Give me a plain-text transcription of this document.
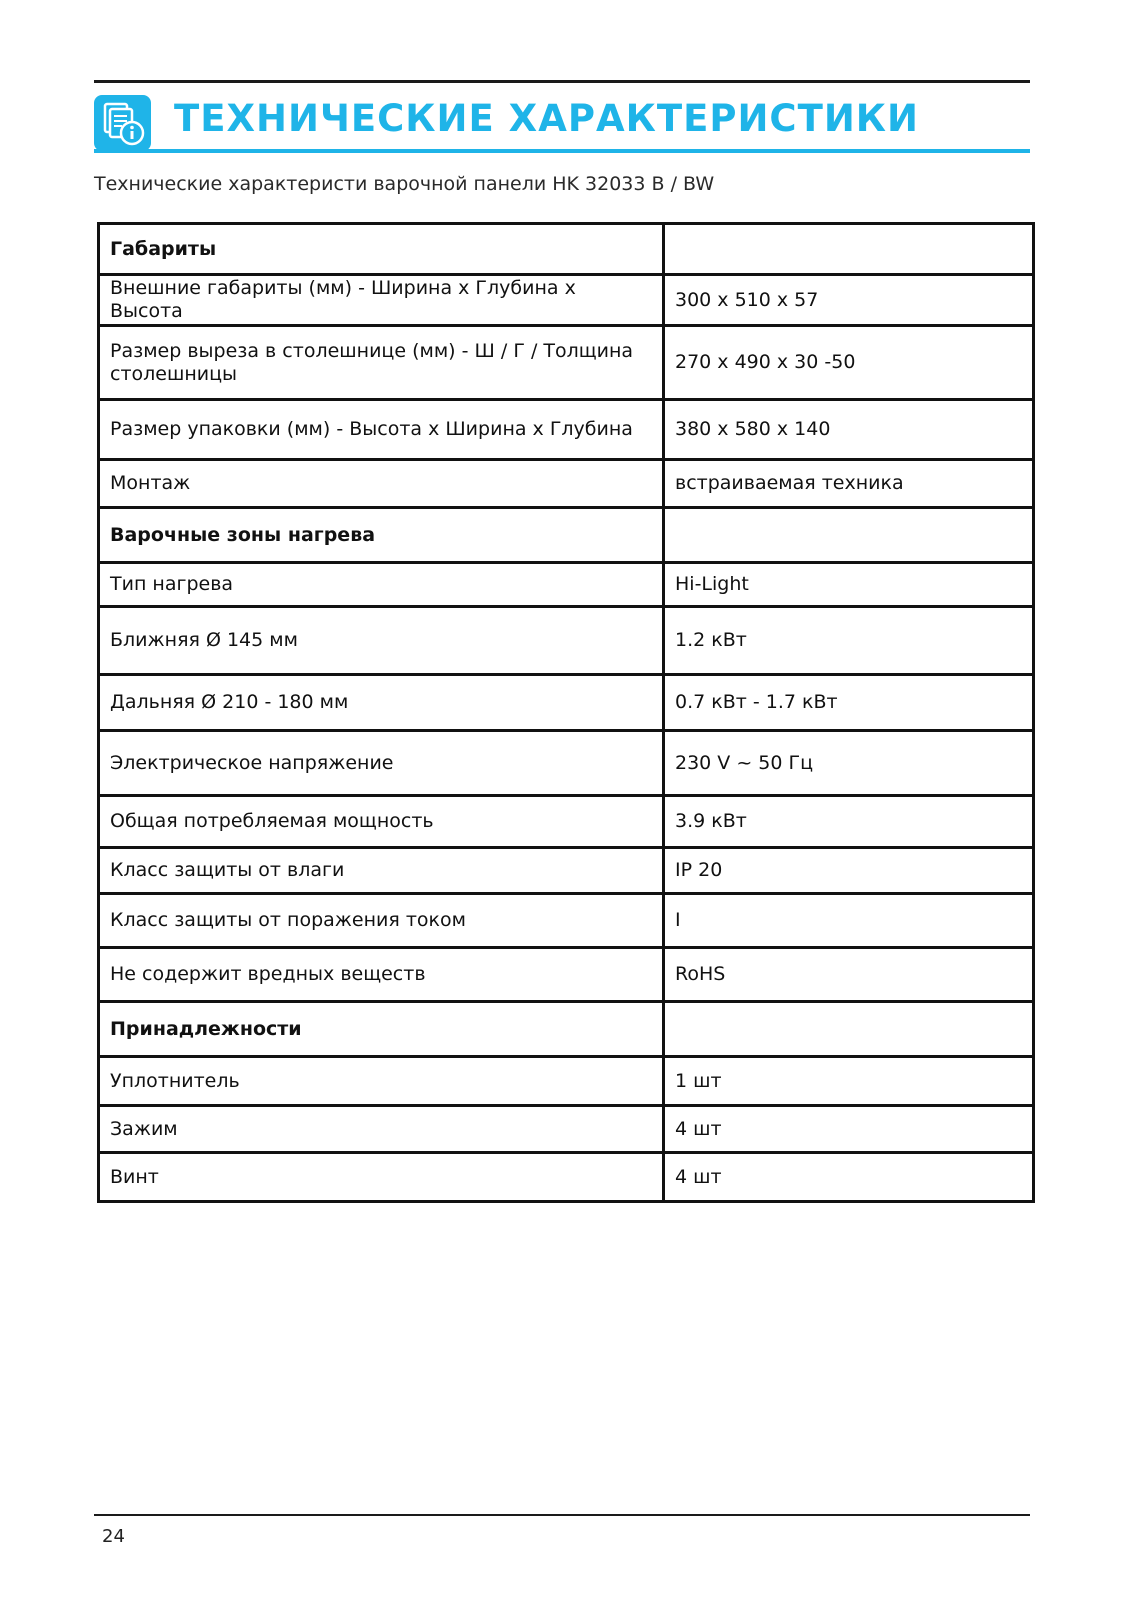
ТЕХНИЧЕСКИЕ ХАРАКТЕРИСТИКИ
Технические характеристи варочной панели HK 32033 B / BW
Габариты	
Внешние габариты (мм) - Ширина х Глубина х Высота	300 x 510 x 57
Размер выреза в столешнице (мм) - Ш / Г / Толщина столешницы	270 x 490 x 30 -50
Размер упаковки (мм) - Высота х Ширина х Глубина	380 x 580 x 140
Монтаж	встраиваемая техника
Варочные зоны нагрева	
Тип нагрева	Hi-Light
Ближняя Ø 145 мм	1.2 кВт
Дальняя Ø 210 - 180 мм	0.7 кВт - 1.7 кВт
Электрическое напряжение	230 V ~ 50 Гц
Общая потребляемая мощность	3.9 кВт
Класс защиты от влаги	IP 20
Класс защиты от поражения током	I
Не содержит вредных веществ	RoHS
Принадлежности	
Уплотнитель	1 шт
Зажим	4 шт
Винт	4 шт
24
